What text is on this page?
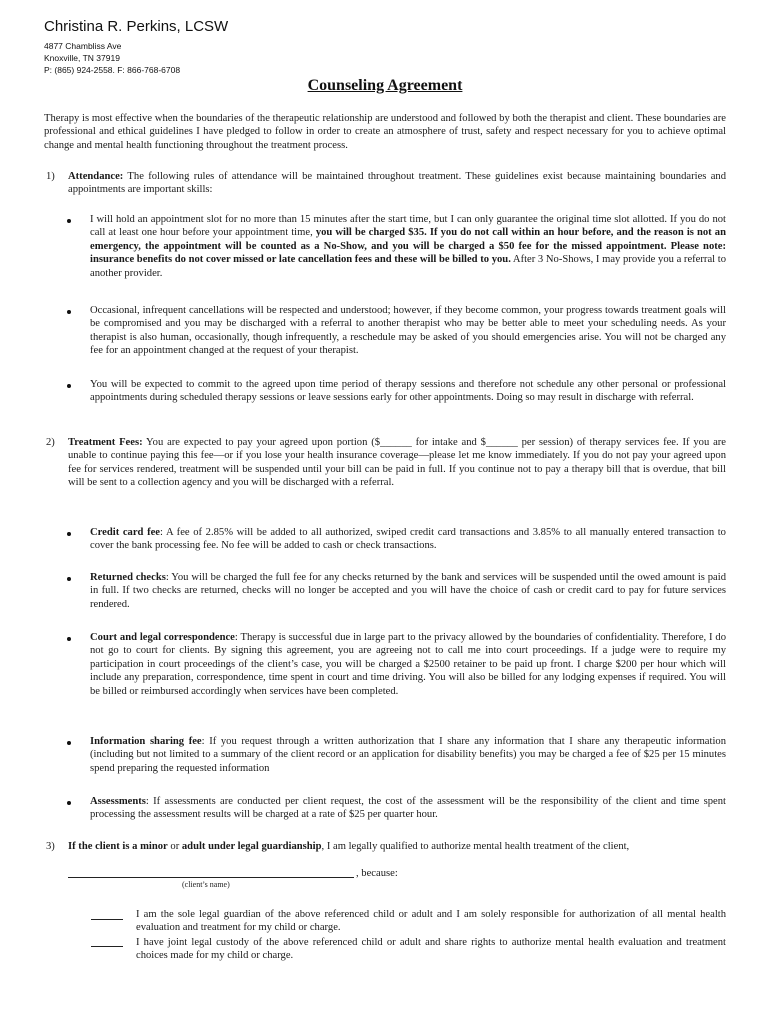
Christina R. Perkins, LCSW
4877 Chambliss Ave
Knoxville, TN 37919
P: (865) 924-2558. F: 866-768-6708
Counseling Agreement
Therapy is most effective when the boundaries of the therapeutic relationship are understood and followed by both the therapist and client. These boundaries are professional and ethical guidelines I have pledged to follow in order to create an atmosphere of trust, safety and respect necessary for you to achieve optimal change and mental health functioning throughout the treatment process.
1) Attendance: The following rules of attendance will be maintained throughout treatment. These guidelines exist because maintaining boundaries and appointments are important skills:
I will hold an appointment slot for no more than 15 minutes after the start time, but I can only guarantee the original time slot allotted. If you do not call at least one hour before your appointment time, you will be charged $35. If you do not call within an hour before, and the reason is not an emergency, the appointment will be counted as a No-Show, and you will be charged a $50 fee for the missed appointment. Please note: insurance benefits do not cover missed or late cancellation fees and these will be billed to you. After 3 No-Shows, I may provide you a referral to another provider.
Occasional, infrequent cancellations will be respected and understood; however, if they become common, your progress towards treatment goals will be compromised and you may be discharged with a referral to another therapist who may be better able to meet your scheduling needs. As your therapist is also human, occasionally, though infrequently, a reschedule may be asked of you should emergencies arise. You will not be charged any fee for an appointment changed at the request of your therapist.
You will be expected to commit to the agreed upon time period of therapy sessions and therefore not schedule any other personal or professional appointments during scheduled therapy sessions or leave sessions early for other appointments. Doing so may result in discharge with referral.
2) Treatment Fees: You are expected to pay your agreed upon portion ($______ for intake and $______ per session) of therapy services fee. If you are unable to continue paying this fee—or if you lose your health insurance coverage—please let me know immediately. If you do not pay your agreed upon fee for services rendered, treatment will be suspended until your bill can be paid in full. If you continue not to pay a therapy bill that is overdue, that bill will be sent to a collection agency and you will be discharged with a referral.
Credit card fee: A fee of 2.85% will be added to all authorized, swiped credit card transactions and 3.85% to all manually entered transaction to cover the bank processing fee. No fee will be added to cash or check transactions.
Returned checks: You will be charged the full fee for any checks returned by the bank and services will be suspended until the owed amount is paid in full. If two checks are returned, checks will no longer be accepted and you will have the choice of cash or credit card to pay for future services rendered.
Court and legal correspondence: Therapy is successful due in large part to the privacy allowed by the boundaries of confidentiality. Therefore, I do not go to court for clients. By signing this agreement, you are agreeing not to call me into court proceedings. If a judge were to require my participation in court proceedings of the client’s case, you will be charged a $2500 retainer to be paid up front. I charge $200 per hour which will include any preparation, correspondence, time spent in court and time driving. You will also be billed for any lodging expenses if required. You will be billed or reimbursed accordingly when services have been completed.
Information sharing fee: If you request through a written authorization that I share any information that I share any therapeutic information (including but not limited to a summary of the client record or an application for disability benefits) you may be charged a fee of $25 per 15 minutes spend preparing the requested information
Assessments: If assessments are conducted per client request, the cost of the assessment will be the responsibility of the client and time spent processing the assessment results will be charged at a rate of $25 per quarter hour.
3) If the client is a minor or adult under legal guardianship, I am legally qualified to authorize mental health treatment of the client,
, because:
(client’s name)
I am the sole legal guardian of the above referenced child or adult and I am solely responsible for authorization of all mental health evaluation and treatment for my child or charge.
I have joint legal custody of the above referenced child or adult and share rights to authorize mental health evaluation and treatment choices made for my child or charge.
